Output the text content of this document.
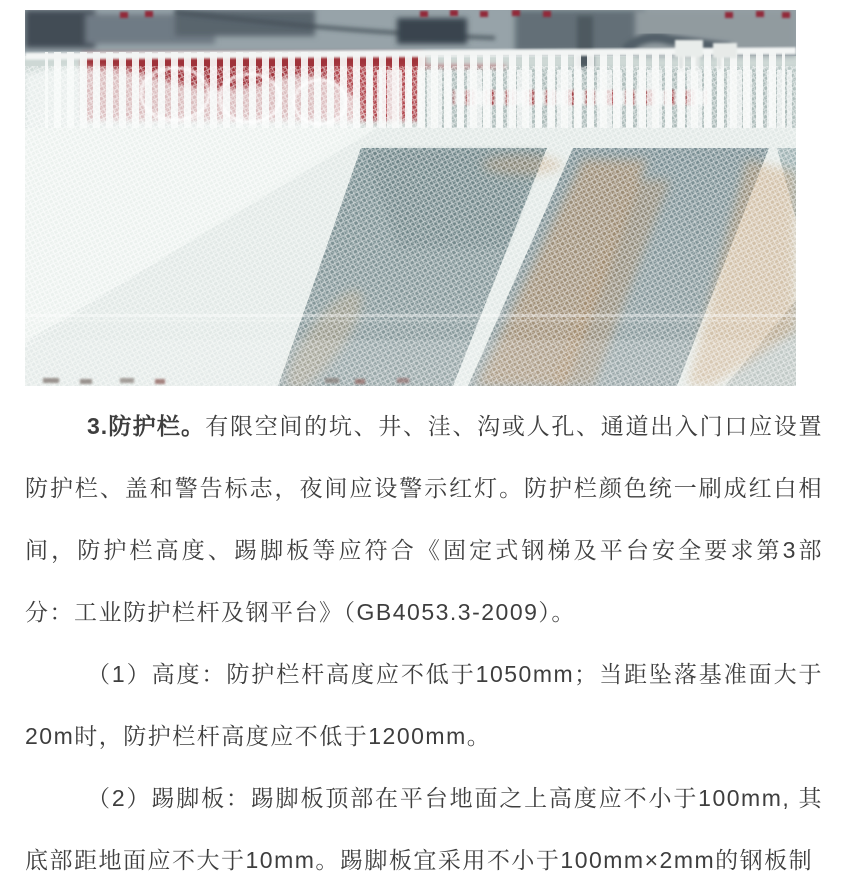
3.防护栏。有限空间的坑、井、洼、沟或人孔、通道出入门口应设置防护栏、盖和警告标志，夜间应设警示红灯。防护栏颜色统一刷成红白相间，防护栏高度、踢脚板等应符合《固定式钢梯及平台安全要求第3部分：工业防护栏杆及钢平台》（GB4053.3-2009）。

（1）高度：防护栏杆高度应不低于1050mm；当距坠落基准面大于20m时，防护栏杆高度应不低于1200mm。

（2）踢脚板：踢脚板顶部在平台地面之上高度应不小于100mm, 其底部距地面应不大于10mm。踢脚板宜采用不小于100mm×2mm的钢板制
